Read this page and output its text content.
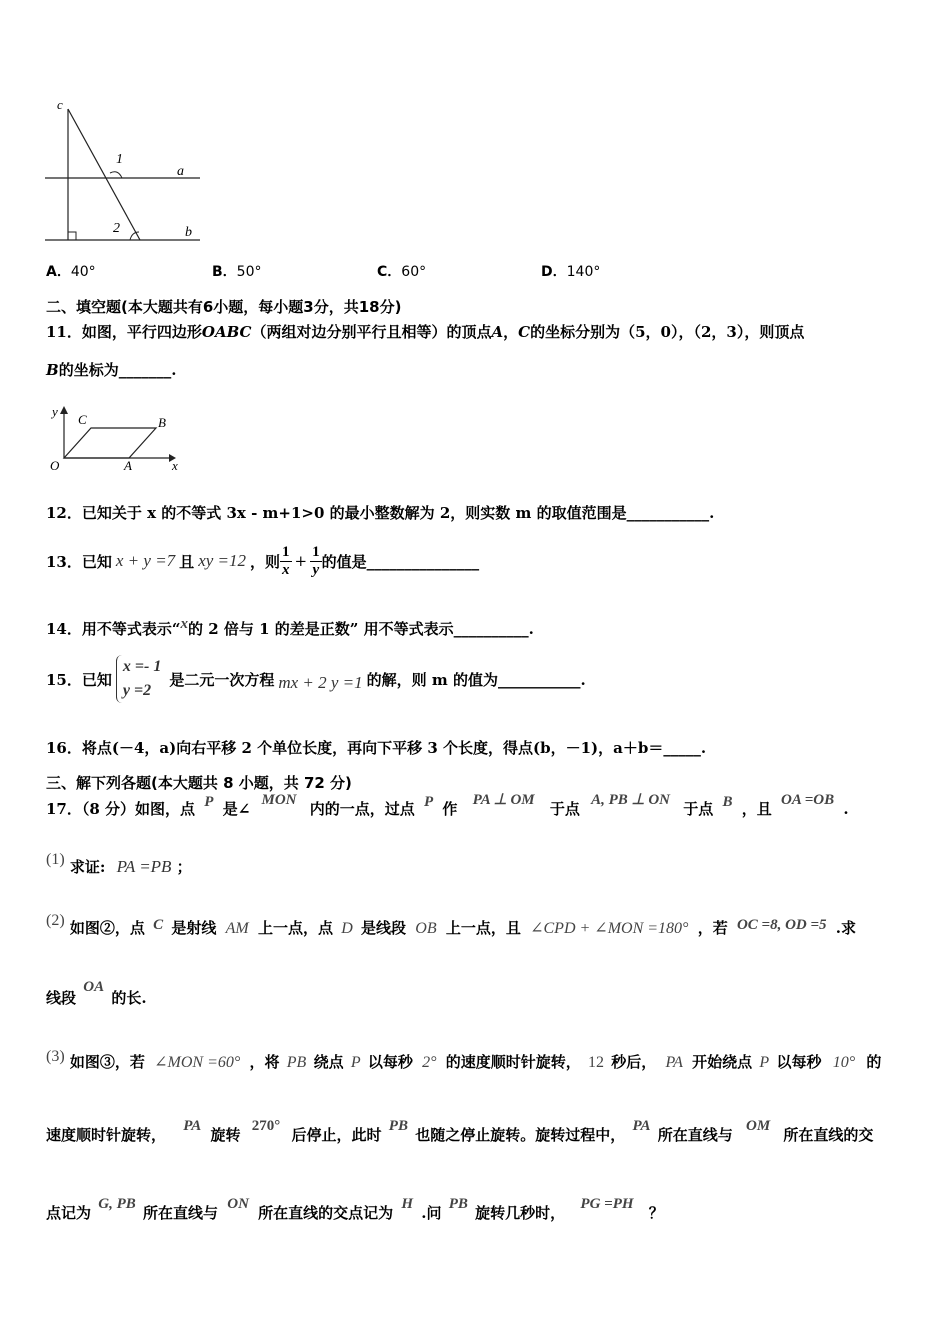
c
1
a
2	b
A．40°	B．50°	C．60°	D．140°
二、填空题(本大题共有6小题，每小题3分，共18分)
11．如图，平行四边形OABC（两组对边分别平行且相等）的顶点A，C的坐标分别为（5，0），（2，3），则顶点
B的坐标为_______.
y
C	B
O	A	x
12．已知关于 x 的不等式 3x - m+1>0 的最小整数解为 2，则实数 m 的取值范围是___________.
13．已知 x + y =7 且 xy =12 ，则 $\frac{1}{x} + \frac{1}{y}$ 的值是_______________
14．用不等式表示“x的 2 倍与 1 的差是正数” 用不等式表示__________.
15．已知
x =- 1
y =2
是二元一次方程 mx + 2 y =1 的解，则 m 的值为___________.
16．将点(－4，a)向右平移 2 个单位长度，再向下平移 3 个长度，得点(b，－1)，a＋b＝_____.
三、解下列各题(本大题共 8 小题，共 72 分)
17．（8 分）如图，点 P 是∠ MON 内的一点，过点 P 作 PA ⊥ OM 于点 A, PB ⊥ ON 于点 B ，且 OA =OB .
(1) 求证: PA =PB ；
(2) 如图②，点 C 是射线 AM 上一点，点 D 是线段 OB 上一点，且 ∠CPD + ∠MON =180° ，若 OC =8, OD =5 .求
线段 OA 的长.
(3) 如图③，若 ∠MON =60° ，将 PB 绕点 P 以每秒 2° 的速度顺时针旋转， 12 秒后， PA 开始绕点 P 以每秒 10° 的
速度顺时针旋转， PA 旋转 270° 后停止，此时 PB 也随之停止旋转。旋转过程中， PA 所在直线与 OM 所在直线的交
点记为 G, PB 所在直线与 ON 所在直线的交点记为 H .问 PB 旋转几秒时， PG =PH ？
